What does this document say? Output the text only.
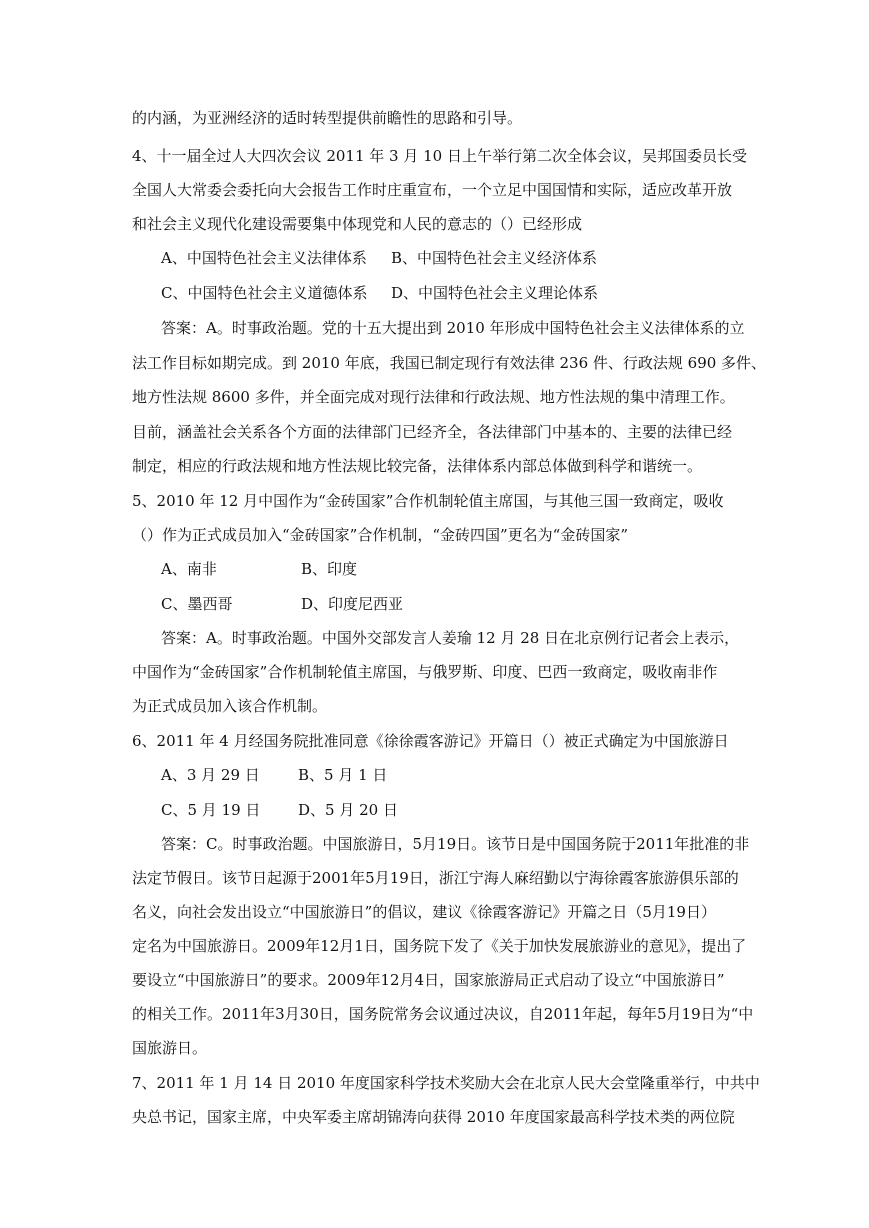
的内涵，为亚洲经济的适时转型提供前瞻性的思路和引导。
4、十一届全过人大四次会议 2011 年 3 月 10 日上午举行第二次全体会议，吴邦国委员长受
全国人大常委会委托向大会报告工作时庄重宣布，一个立足中国国情和实际，适应改革开放
和社会主义现代化建设需要集中体现党和人民的意志的（）已经形成
A、中国特色社会主义法律体系 B、中国特色社会主义经济体系
C、中国特色社会主义道德体系 D、中国特色社会主义理论体系
答案：A。时事政治题。党的十五大提出到 2010 年形成中国特色社会主义法律体系的立
法工作目标如期完成。到 2010 年底，我国已制定现行有效法律 236 件、行政法规 690 多件、
地方性法规 8600 多件，并全面完成对现行法律和行政法规、地方性法规的集中清理工作。
目前，涵盖社会关系各个方面的法律部门已经齐全，各法律部门中基本的、主要的法律已经
制定，相应的行政法规和地方性法规比较完备，法律体系内部总体做到科学和谐统一。
5、2010 年 12 月中国作为“金砖国家”合作机制轮值主席国，与其他三国一致商定，吸收
（）作为正式成员加入“金砖国家”合作机制，“金砖四国”更名为“金砖国家”
A、南非	B、印度
C、墨西哥	D、印度尼西亚
答案：A。时事政治题。中国外交部发言人姜瑜 12 月 28 日在北京例行记者会上表示，
中国作为“金砖国家”合作机制轮值主席国，与俄罗斯、印度、巴西一致商定，吸收南非作
为正式成员加入该合作机制。
6、2011 年 4 月经国务院批准同意《徐徐霞客游记》开篇日（）被正式确定为中国旅游日
A、3 月 29 日	B、5 月 1 日
C、5 月 19 日	D、5 月 20 日
答案：C。时事政治题。中国旅游日，5月19日。该节日是中国国务院于2011年批准的非
法定节假日。该节日起源于2001年5月19日，浙江宁海人麻绍勤以宁海徐霞客旅游俱乐部的
名义，向社会发出设立“中国旅游日”的倡议，建议《徐霞客游记》开篇之日（5月19日）
定名为中国旅游日。2009年12月1日，国务院下发了《关于加快发展旅游业的意见》，提出了
要设立“中国旅游日”的要求。2009年12月4日，国家旅游局正式启动了设立“中国旅游日”
的相关工作。2011年3月30日，国务院常务会议通过决议，自2011年起，每年5月19日为“中
国旅游日。
7、2011 年 1 月 14 日 2010 年度国家科学技术奖励大会在北京人民大会堂隆重举行，中共中
央总书记，国家主席，中央军委主席胡锦涛向获得 2010 年度国家最高科学技术类的两位院
